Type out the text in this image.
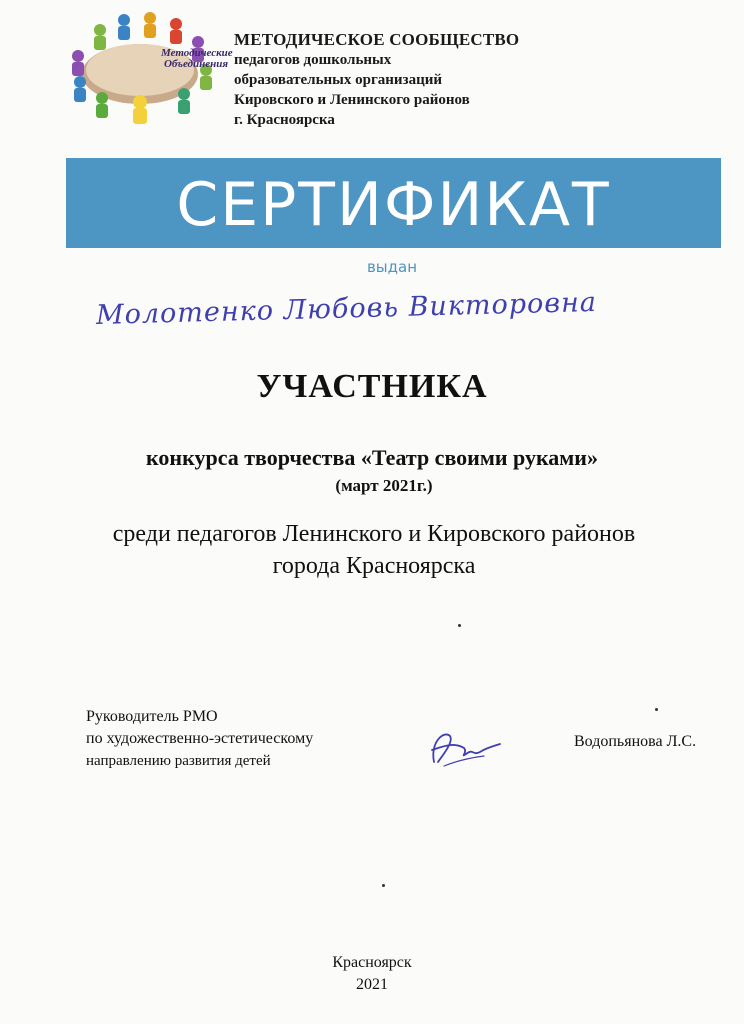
Методические Объединения
МЕТОДИЧЕСКОЕ СООБЩЕСТВО
педагогов дошкольных
образовательных организаций
Кировского и Ленинского районов
г. Красноярска
СЕРТИФИКАТ
выдан
Молотенко Любовь Викторовна
УЧАСТНИКА
конкурса творчества «Театр своими руками»
(март 2021г.)
среди педагогов Ленинского и Кировского районов
города Красноярска
Руководитель РМО
по художественно-эстетическому
направлению развития детей
Водопьянова Л.С.
Красноярск
2021
